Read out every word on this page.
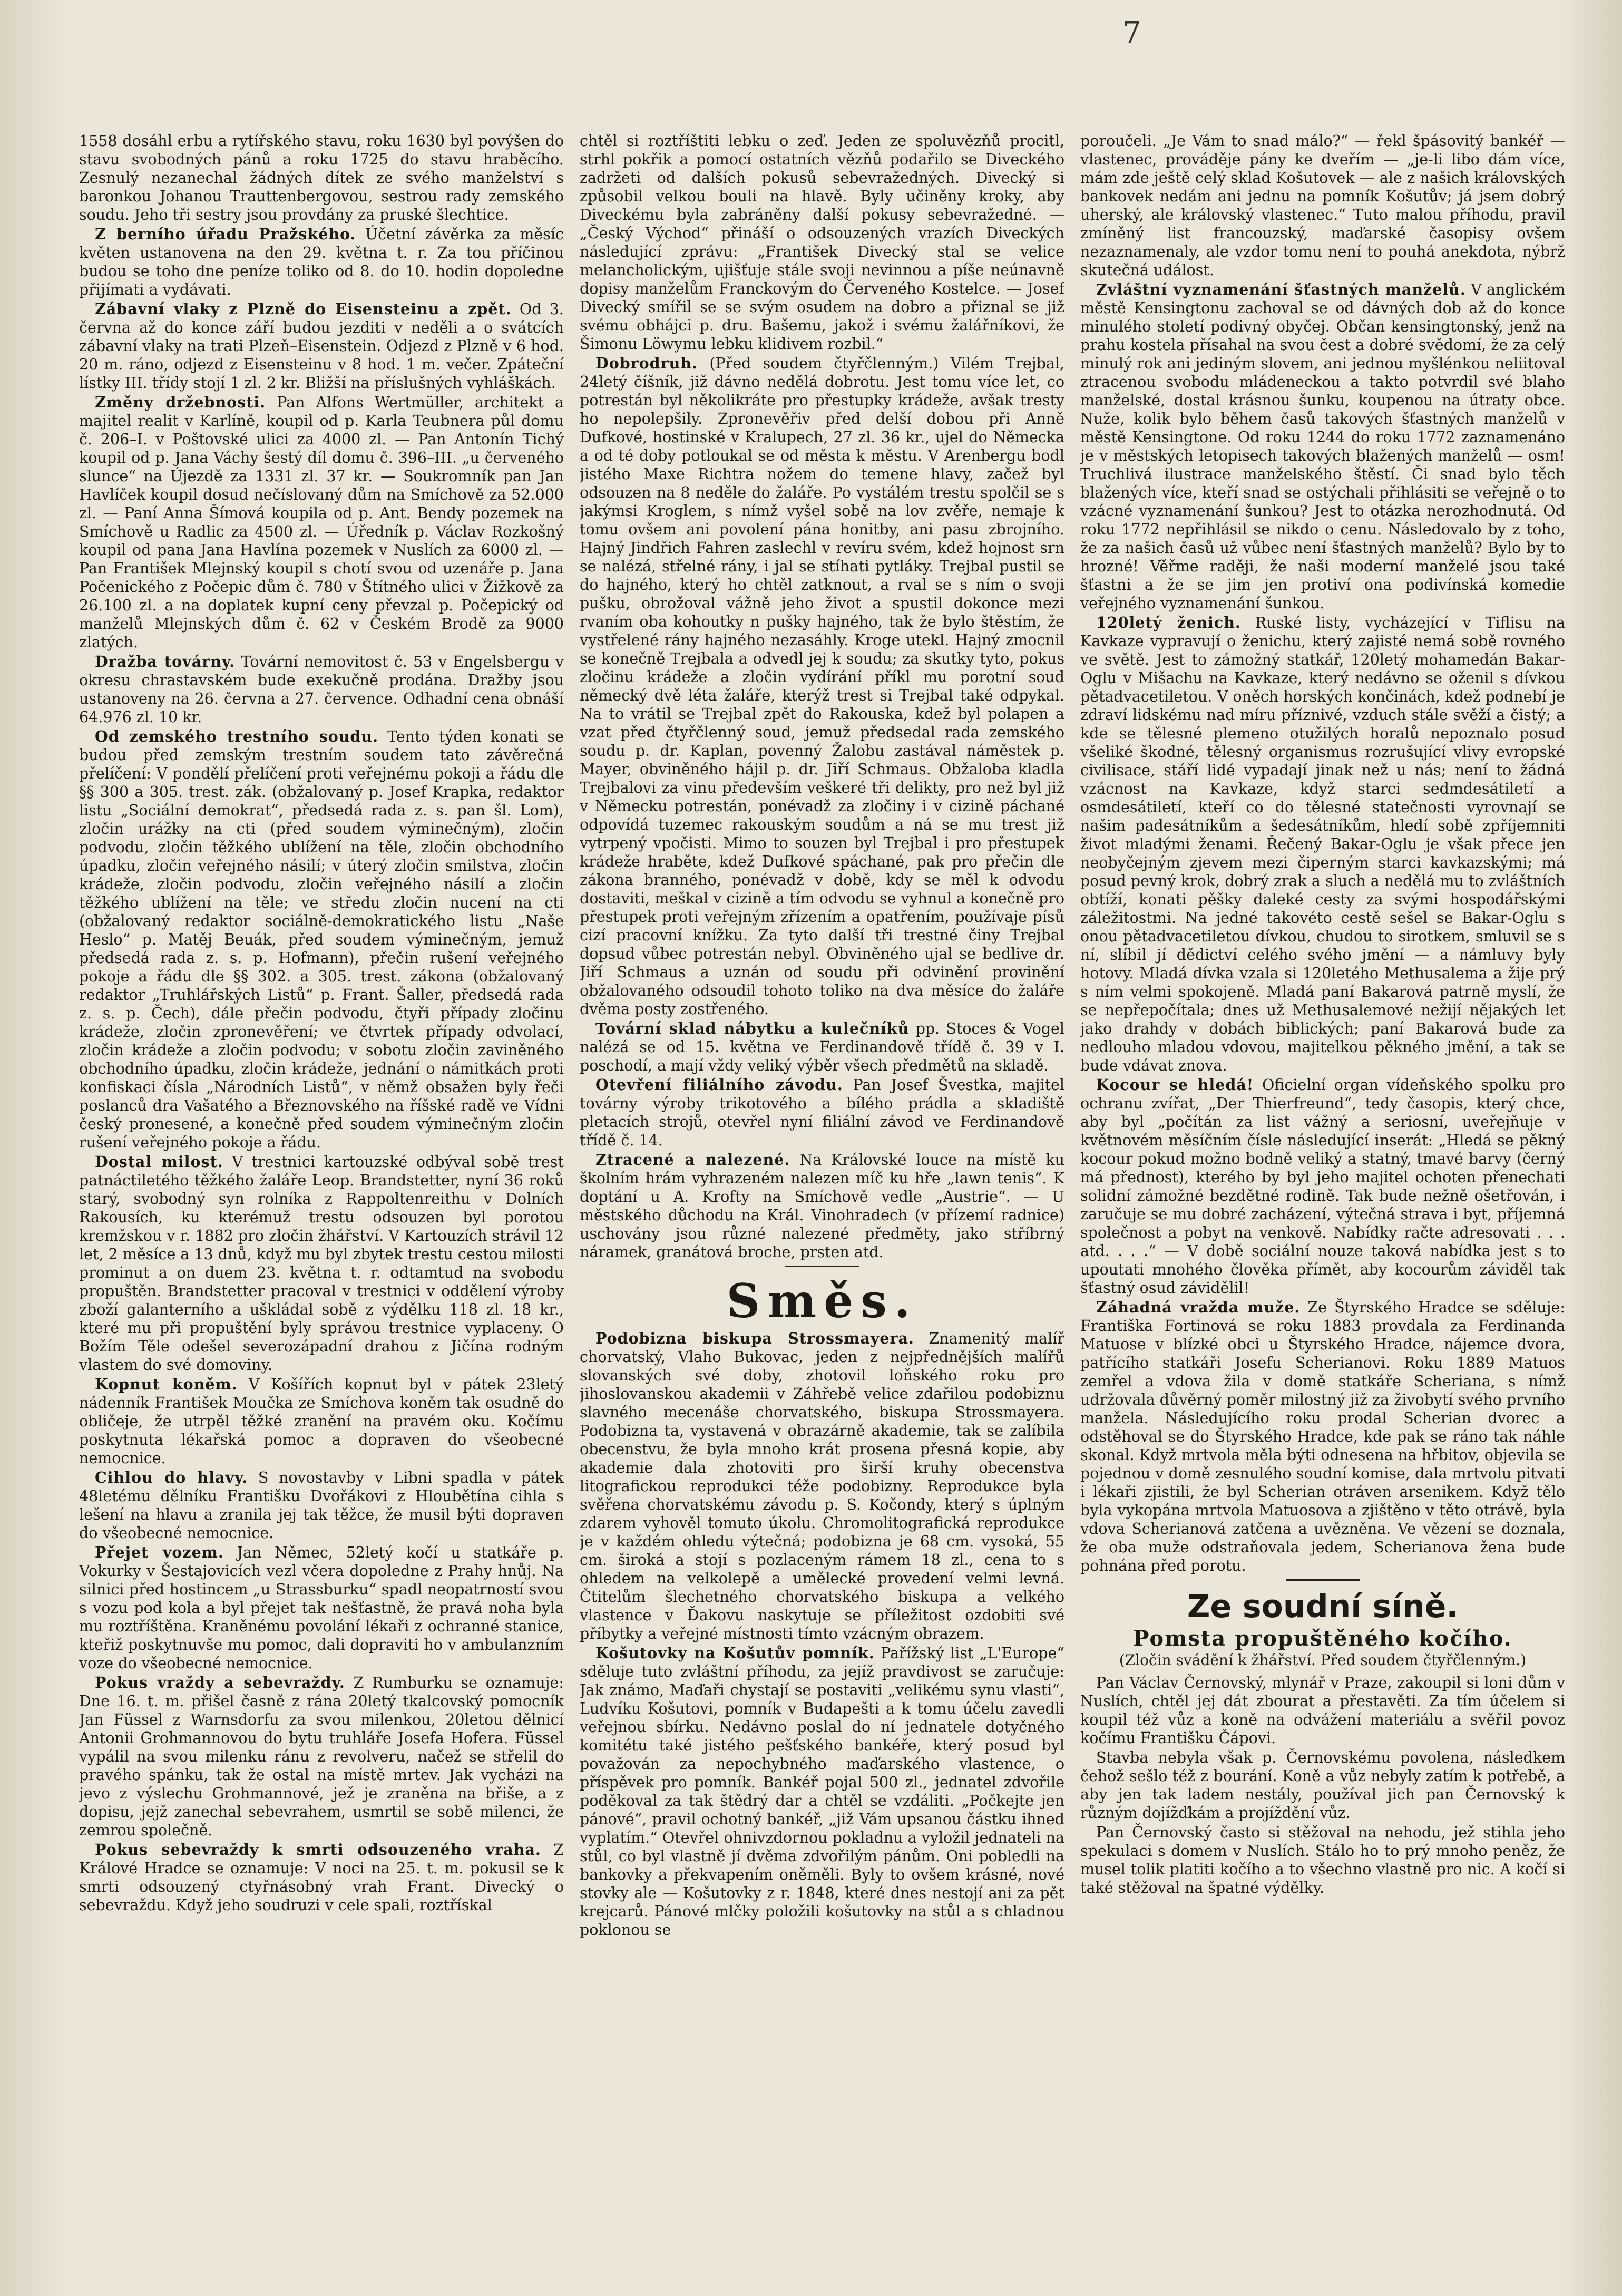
7

1558 dosáhl erbu a rytířského stavu, roku 1630 byl povýšen do stavu svobodných pánů a roku 1725 do stavu hraběcího. Zesnulý nezanechal žádných dítek ze svého manželství s baronkou Johanou Trauttenbergovou, sestrou rady zemského soudu. Jeho tři sestry jsou provdány za pruské šlechtice.

Z berního úřadu Pražského. Účetní závěrka za měsíc květen ustanovena na den 29. května t. r. Za tou příčinou budou se toho dne peníze toliko od 8. do 10. hodin dopoledne přijímati a vydávati.

Zábavní vlaky z Plzně do Eisensteinu a zpět. Od 3. června až do konce září budou jezditi v neděli a o svátcích zábavní vlaky na trati Plzeň–Eisenstein. Odjezd z Plzně v 6 hod. 20 m. ráno, odjezd z Eisensteinu v 8 hod. 1 m. večer. Zpáteční lístky III. třídy stojí 1 zl. 2 kr. Bližší na příslušných vyhláškách.

Změny držebnosti. Pan Alfons Wertmüller, architekt a majitel realit v Karlíně, koupil od p. Karla Teubnera půl domu č. 206–I. v Poštovské ulici za 4000 zl. — Pan Antonín Tichý koupil od p. Jana Váchy šestý díl domu č. 396–III. „u červeného slunce“ na Újezdě za 1331 zl. 37 kr. — Soukromník pan Jan Havlíček koupil dosud nečíslovaný dům na Smíchově za 52.000 zl. — Paní Anna Šímová koupila od p. Ant. Bendy pozemek na Smíchově u Radlic za 4500 zl. — Úředník p. Václav Rozkošný koupil od pana Jana Havlína pozemek v Nuslích za 6000 zl. — Pan František Mlejnský koupil s chotí svou od uzenáře p. Jana Počenického z Počepic dům č. 780 v Štítného ulici v Žižkově za 26.100 zl. a na doplatek kupní ceny převzal p. Počepický od manželů Mlejnských dům č. 62 v Českém Brodě za 9000 zlatých.

Dražba továrny. Tovární nemovitost č. 53 v Engelsbergu v okresu chrastavském bude exekučně prodána. Dražby jsou ustanoveny na 26. června a 27. července. Odhadní cena obnáší 64.976 zl. 10 kr.

Od zemského trestního soudu. Tento týden konati se budou před zemským trestním soudem tato závěrečná přelíčení: V pondělí přelíčení proti veřejnému pokoji a řádu dle §§ 300 a 305. trest. zák. (obžalovaný p. Josef Krapka, redaktor listu „Sociální demokrat“, předsedá rada z. s. pan šl. Lom), zločin urážky na cti (před soudem výminečným), zločin podvodu, zločin těžkého ublížení na těle, zločin obchodního úpadku, zločin veřejného násilí; v úterý zločin smilstva, zločin krádeže, zločin podvodu, zločin veřejného násilí a zločin těžkého ublížení na těle; ve středu zločin nucení na cti (obžalovaný redaktor sociálně-demokratického listu „Naše Heslo“ p. Matěj Beuák, před soudem výminečným, jemuž předsedá rada z. s. p. Hofmann), přečin rušení veřejného pokoje a řádu dle §§ 302. a 305. trest. zákona (obžalovaný redaktor „Truhlářských Listů“ p. Frant. Šaller, předsedá rada z. s. p. Čech), dále přečin podvodu, čtyři případy zločinu krádeže, zločin zpronevěření; ve čtvrtek případy odvolací, zločin krádeže a zločin podvodu; v sobotu zločin zaviněného obchodního úpadku, zločin krádeže, jednání o námitkách proti konfiskaci čísla „Národních Listů“, v němž obsažen byly řeči poslanců dra Vašatého a Březnovského na říšské radě ve Vídni český pronesené, a konečně před soudem výminečným zločin rušení veřejného pokoje a řádu.

Dostal milost. V trestnici kartouzské odbýval sobě trest patnáctiletého těžkého žaláře Leop. Brandstetter, nyní 36 roků starý, svobodný syn rolníka z Rappoltenreithu v Dolních Rakousích, ku kterémuž trestu odsouzen byl porotou kremžskou v r. 1882 pro zločin žhářství. V Kartouzích strávil 12 let, 2 měsíce a 13 dnů, když mu byl zbytek trestu cestou milosti prominut a on duem 23. května t. r. odtamtud na svobodu propuštěn. Brandstetter pracoval v trestnici v oddělení výroby zboží galanterního a uškládal sobě z výdělku 118 zl. 18 kr., které mu při propuštění byly správou trestnice vyplaceny. O Božím Těle odešel severozápadní drahou z Jičína rodným vlastem do své domoviny.

Kopnut koněm. V Košířích kopnut byl v pátek 23letý nádenník František Moučka ze Smíchova koněm tak osudně do obličeje, že utrpěl těžké zranění na pravém oku. Kočímu poskytnuta lékařská pomoc a dopraven do všeobecné nemocnice.

Cihlou do hlavy. S novostavby v Libni spadla v pátek 48letému dělníku Františku Dvořákovi z Hloubětína cihla s lešení na hlavu a zranila jej tak těžce, že musil býti dopraven do všeobecné nemocnice.

Přejet vozem. Jan Němec, 52letý kočí u statkáře p. Vokurky v Šestajovicích vezl včera dopoledne z Prahy hnůj. Na silnici před hostincem „u Strassburku“ spadl neopatrností svou s vozu pod kola a byl přejet tak nešťastně, že pravá noha byla mu roztříštěna. Kraněnému povolání lékaři z ochranné stanice, kteřiž poskytnuvše mu pomoc, dali dopraviti ho v ambulanzním voze do všeobecné nemocnice.

Pokus vraždy a sebevraždy. Z Rumburku se oznamuje: Dne 16. t. m. přišel časně z rána 20letý tkalcovský pomocník Jan Füssel z Warnsdorfu za svou milenkou, 20letou dělnicí Antonii Grohmannovou do bytu truhláře Josefa Hofera. Füssel vypálil na svou milenku ránu z revolveru, načež se střelil do pravého spánku, tak že ostal na místě mrtev. Jak vycházi na jevo z výslechu Grohmannové, jež je zraněna na břiše, a z dopisu, jejž zanechal sebevrahem, usmrtil se sobě milenci, že zemrou společně.

Pokus sebevraždy k smrti odsouzeného vraha. Z Králové Hradce se oznamuje: V noci na 25. t. m. pokusil se k smrti odsouzený ctyřnásobný vrah Frant. Divecký o sebevraždu. Když jeho soudruzi v cele spali, roztřískal

chtěl si roztříštiti lebku o zeď. Jeden ze spoluvězňů procitl, strhl pokřik a pomocí ostatních vězňů podařilo se Diveckého zadržeti od dalších pokusů sebevražedných. Divecký si způsobil velkou bouli na hlavě. Byly učiněny kroky, aby Diveckému byla zabráněny další pokusy sebevražedné. — „Český Východ“ přináší o odsouzených vrazích Diveckých následující zprávu: „František Divecký stal se velice melancholickým, ujišťuje stále svoji nevinnou a píše neúnavně dopisy manželům Franckovým do Červeného Kostelce. — Josef Divecký smířil se se svým osudem na dobro a přiznal se již svému obhájci p. dru. Bašemu, jakož i svému žalářníkovi, že Šimonu Löwymu lebku klidivem rozbil.“

Dobrodruh. (Před soudem čtyřčlenným.) Vilém Trejbal, 24letý číšník, již dávno nedělá dobrotu. Jest tomu více let, co potrestán byl několikráte pro přestupky krádeže, avšak tresty ho nepolepšily. Zpronevěřiv před delší dobou při Anně Dufkové, hostinské v Kralupech, 27 zl. 36 kr., ujel do Německa a od té doby potloukal se od města k městu. V Arenbergu bodl jistého Maxe Richtra nožem do temene hlavy, začež byl odsouzen na 8 neděle do žaláře. Po vystálém trestu spolčil se s jakýmsi Kroglem, s nímž vyšel sobě na lov zvěře, nemaje k tomu ovšem ani povolení pána honitby, ani pasu zbrojního. Hajný Jindřich Fahren zaslechl v revíru svém, kdež hojnost srn se nalézá, střelné rány, i jal se stíhati pytláky. Trejbal pustil se do hajného, který ho chtěl zatknout, a rval se s ním o svoji pušku, obrožoval vážně jeho život a spustil dokonce mezi rvaním oba kohoutky n pušky hajného, tak že bylo štěstím, že vystřelené rány hajného nezasáhly. Kroge utekl. Hajný zmocnil se konečně Trejbala a odvedl jej k soudu; za skutky tyto, pokus zločinu krádeže a zločin vydírání příkl mu porotní soud německý dvě léta žaláře, kterýž trest si Trejbal také odpykal. Na to vrátil se Trejbal zpět do Rakouska, kdež byl polapen a vzat před čtyřčlenný soud, jemuž předsedal rada zemského soudu p. dr. Kaplan, povenný Žalobu zastával náměstek p. Mayer, obviněného hájil p. dr. Jiří Schmaus. Obžaloba kladla Trejbalovi za vinu především veškeré tři delikty, pro než byl již v Německu potrestán, ponévadž za zločiny i v cizině páchané odpovídá tuzemec rakouským soudům a ná se mu trest již vytrpený vpočisti. Mimo to souzen byl Trejbal i pro přestupek krádeže hraběte, kdež Dufkové spáchané, pak pro přečin dle zákona branného, ponévadž v době, kdy se měl k odvodu dostaviti, meškal v cizině a tím odvodu se vyhnul a konečně pro přestupek proti veřejným zřízením a opatřením, používaje písů cizí pracovní knížku. Za tyto další tři trestné činy Trejbal dopsud vůbec potrestán nebyl. Obviněného ujal se bedlive dr. Jiří Schmaus a uznán od soudu při odvinění provinění obžalovaného odsoudil tohoto toliko na dva měsíce do žaláře dvěma posty zostřeného.

Tovární sklad nábytku a kulečníků pp. Stoces & Vogel nalézá se od 15. května ve Ferdinandově třídě č. 39 v I. poschodí, a mají vždy veliký výběr všech předmětů na skladě.

Otevření filiálního závodu. Pan Josef Švestka, majitel továrny výroby trikotového a bílého prádla a skladiště pletacích strojů, otevřel nyní filiální závod ve Ferdinandově třídě č. 14.

Ztracené a nalezené. Na Královské louce na místě ku školním hrám vyhrazeném nalezen míč ku hře „lawn tenis“. K doptání u A. Krofty na Smíchově vedle „Austrie“. — U městského důchodu na Král. Vinohradech (v přízemí radnice) uschovány jsou různé nalezené předměty, jako stříbrný náramek, granátová broche, prsten atd.

Směs.

Podobizna biskupa Strossmayera. Znamenitý malíř chorvatský, Vlaho Bukovac, jeden z nejpřednějších malířů slovanských své doby, zhotovil loňského roku pro jihoslovanskou akademii v Záhřebě velice zdařilou podobiznu slavného mecenáše chorvatského, biskupa Strossmayera. Podobizna ta, vystavená v obrazárně akademie, tak se zalíbila obecenstvu, že byla mnoho krát prosena přesná kopie, aby akademie dala zhotoviti pro širší kruhy obecenstva litografickou reprodukci téže podobizny. Reprodukce byla svěřena chorvatskému závodu p. S. Kočondy, který s úplným zdarem vyhověl tomuto úkolu. Chromolitografická reprodukce je v každém ohledu výtečná; podobizna je 68 cm. vysoká, 55 cm. široká a stojí s pozlaceným rámem 18 zl., cena to s ohledem na velkolepě a umělecké provedení velmi levná. Čtitelům šlechetného chorvatského biskupa a velkého vlastence v Ďakovu naskytuje se příležitost ozdobiti své příbytky a veřejné místnosti tímto vzácným obrazem.

Košutovky na Košutův pomník. Pařížský list „L'Europe“ sděluje tuto zvláštní příhodu, za jejíž pravdivost se zaručuje: Jak známo, Maďaři chystají se postaviti „velikému synu vlasti“, Ludvíku Košutovi, pomník v Budapešti a k tomu účelu zavedli veřejnou sbírku. Nedávno poslal do ní jednatele dotyčného komitétu také jistého pešťského bankéře, který posud byl považován za nepochybného maďarského vlastence, o příspěvek pro pomník. Bankéř pojal 500 zl., jednatel zdvořile poděkoval za tak štědrý dar a chtěl se vzdáliti. „Počkejte jen pánové“, pravil ochotný bankéř, „již Vám upsanou částku ihned vyplatím.“ Otevřel ohnivzdornou pokladnu a vyložil jednateli na stůl, co byl vlastně jí dvěma zdvořilým pánům. Oni pobledli na bankovky a překvapením oněměli. Byly to ovšem krásné, nové stovky ale — Košutovky z r. 1848, které dnes nestojí ani za pět krejcarů. Pánové mlčky položili košutovky na stůl a s chladnou poklonou se

poroučeli. „Je Vám to snad málo?“ — řekl špásovitý bankéř — vlastenec, prováděje pány ke dveřím — „je-li libo dám více, mám zde ještě celý sklad Košutovek — ale z našich královských bankovek nedám ani jednu na pomník Košutův; já jsem dobrý uherský, ale královský vlastenec.“ Tuto malou příhodu, pravil zmíněný list francouzský, maďarské časopisy ovšem nezaznamenaly, ale vzdor tomu není to pouhá anekdota, nýbrž skutečná událost.

Zvláštní vyznamenání šťastných manželů. V anglickém městě Kensingtonu zachoval se od dávných dob až do konce minulého století podivný obyčej. Občan kensingtonský, jenž na prahu kostela přísahal na svou čest a dobré svědomí, že za celý minulý rok ani jediným slovem, ani jednou myšlénkou neliitoval ztracenou svobodu mládeneckou a takto potvrdil své blaho manželské, dostal krásnou šunku, koupenou na útraty obce. Nuže, kolik bylo během časů takových šťastných manželů v městě Kensingtone. Od roku 1244 do roku 1772 zaznamenáno je v městských letopisech takových blažených manželů — osm! Truchlivá ilustrace manželského štěstí. Či snad bylo těch blažených více, kteří snad se ostýchali přihlásiti se veřejně o to vzácné vyznamenání šunkou? Jest to otázka nerozhodnutá. Od roku 1772 nepřihlásil se nikdo o cenu. Následovalo by z toho, že za našich časů už vůbec není šťastných manželů? Bylo by to hrozné! Věřme raději, že naši moderní manželé jsou také šťastni a že se jim jen protiví ona podivínská komedie veřejného vyznamenání šunkou.

120letý ženich. Ruské listy, vycházející v Tiflisu na Kavkaze vypravují o ženichu, který zajisté nemá sobě rovného ve světě. Jest to zámožný statkář, 120letý mohamedán Bakar-Oglu v Mišachu na Kavkaze, který nedávno se oženil s dívkou pětadvacetiletou. V oněch horských končinách, kdež podnebí je zdraví lidskému nad míru příznivé, vzduch stále svěží a čistý; a kde se tělesné plemeno otužilých horalů nepoznalo posud všeliké škodné, tělesný organismus rozrušující vlivy evropské civilisace, stáří lidé vypadají jinak než u nás; není to žádná vzácnost na Kavkaze, když starci sedmdesátiletí a osmdesátiletí, kteří co do tělesné statečnosti vyrovnají se našim padesátníkům a šedesátníkům, hledí sobě zpříjemniti život mladými ženami. Řečený Bakar-Oglu je však přece jen neobyčejným zjevem mezi čiperným starci kavkazskými; má posud pevný krok, dobrý zrak a sluch a nedělá mu to zvláštních obtíží, konati pěšky daleké cesty za svými hospodářskými záležitostmi. Na jedné takovéto cestě sešel se Bakar-Oglu s onou pětadvacetiletou dívkou, chudou to sirotkem, smluvil se s ní, slíbil jí dědictví celého svého jmění — a námluvy byly hotovy. Mladá dívka vzala si 120letého Methusalema a žije prý s ním velmi spokojeně. Mladá paní Bakarová patrně myslí, že se nepřepočítala; dnes už Methusalemové nežijí nějakých let jako drahdy v dobách biblických; paní Bakarová bude za nedlouho mladou vdovou, majitelkou pěkného jmění, a tak se bude vdávat znova.

Kocour se hledá! Oficielní organ vídeňského spolku pro ochranu zvířat, „Der Thierfreund“, tedy časopis, který chce, aby byl „počítán za list vážný a seriosní, uveřejňuje v květnovém měsíčním čísle následující inserát: „Hledá se pěkný kocour pokud možno bodně veliký a statný, tmavé barvy (černý má přednost), kterého by byl jeho majitel ochoten přenechati solidní zámožné bezdětné rodině. Tak bude nežně ošetřován, i zaručuje se mu dobré zacházení, výtečná strava i byt, příjemná společnost a pobyt na venkově. Nabídky račte adresovati . . . atd. . . .“ — V době sociální nouze taková nabídka jest s to upoutati mnohého člověka přímět, aby kocourům záviděl tak šťastný osud závidělil!

Záhadná vražda muže. Ze Štyrského Hradce se sděluje: Františka Fortinová se roku 1883 provdala za Ferdinanda Matuose v blízké obci u Štyrského Hradce, nájemce dvora, patřícího statkáři Josefu Scherianovi. Roku 1889 Matuos zemřel a vdova žila v domě statkáře Scheriana, s nímž udržovala důvěrný poměr milostný již za živobytí svého prvního manžela. Následujícího roku prodal Scherian dvorec a odstěhoval se do Štyrského Hradce, kde pak se ráno tak náhle skonal. Když mrtvola měla býti odnesena na hřbitov, objevila se pojednou v domě zesnulého soudní komise, dala mrtvolu pitvati i lékaři zjistili, že byl Scherian otráven arsenikem. Když tělo byla vykopána mrtvola Matuosova a zjištěno v těto otrávě, byla vdova Scherianová zatčena a uvězněna. Ve vězení se doznala, že oba muže odstraňovala jedem, Scherianova žena bude pohnána před porotu.

Ze soudní síně.
Pomsta propuštěného kočího.
(Zločin svádění k žhářství. Před soudem čtyřčlenným.)

Pan Václav Černovský, mlynář v Praze, zakoupil si loni dům v Nuslích, chtěl jej dát zbourat a přestavěti. Za tím účelem si koupil též vůz a koně na odvážení materiálu a svěřil povoz kočímu Františku Čápovi.

Stavba nebyla však p. Černovskému povolena, následkem čehož sešlo též z bourání. Koně a vůz nebyly zatím k potřebě, a aby jen tak ladem nestály, používal jich pan Černovský k různým dojížďkám a projíždění vůz.

Pan Černovský často si stěžoval na nehodu, jež stihla jeho spekulaci s domem v Nuslích. Stálo ho to prý mnoho peněz, že musel tolik platiti kočího a to všechno vlastně pro nic. A kočí si také stěžoval na špatné výdělky.
